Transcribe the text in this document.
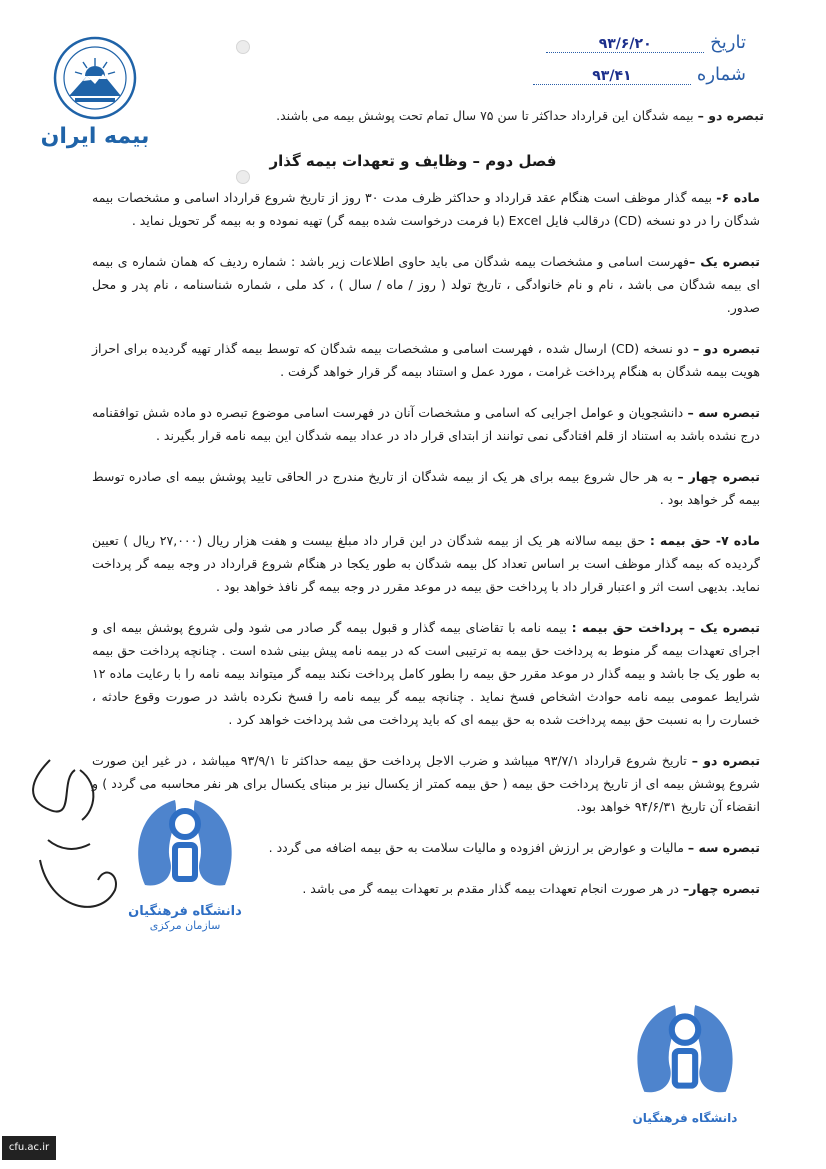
بیمه ایران
تاریخ
۹۳/۶/۲۰
شماره
۹۳/۴۱
تبصره دو – بیمه شدگان این قرارداد حداکثر تا سن ۷۵ سال تمام تحت پوشش بیمه می باشند.
فصل دوم – وظایف و تعهدات بیمه گذار

ماده ۶- بیمه گذار موظف است هنگام عقد قرارداد و حداکثر ظرف مدت ۳۰ روز از تاریخ شروع قرارداد اسامی و مشخصات بیمه شدگان را در دو نسخه (CD) درقالب فایل Excel (با فرمت درخواست شده بیمه گر) تهیه نموده و به بیمه گر تحویل نماید .

تبصره یک –فهرست اسامی و مشخصات بیمه شدگان می باید حاوی اطلاعات زیر باشد : شماره ردیف که همان شماره ی بیمه ای بیمه شدگان می باشد ، نام و نام خانوادگی ، تاریخ تولد ( روز / ماه / سال ) ، کد ملی ، شماره شناسنامه ، نام پدر و محل صدور.

تبصره دو – دو نسخه (CD) ارسال شده ، فهرست اسامی و مشخصات بیمه شدگان که توسط بیمه گذار تهیه گردیده برای احراز هویت بیمه شدگان به هنگام پرداخت غرامت ، مورد عمل و استناد بیمه گر قرار خواهد گرفت .

تبصره سه – دانشجویان و عوامل اجرایی که اسامی و مشخصات آنان در فهرست اسامی موضوع تبصره دو ماده شش توافقنامه درج نشده باشد به استناد از قلم افتادگی نمی توانند از ابتدای قرار داد در عداد بیمه شدگان این بیمه نامه قرار بگیرند .

تبصره چهار – به هر حال شروع بیمه برای هر یک از بیمه شدگان از تاریخ مندرج در الحاقی تایید پوشش بیمه ای صادره توسط بیمه گر خواهد بود .

ماده ۷- حق بیمه : حق بیمه سالانه هر یک از بیمه شدگان در این قرار داد مبلغ بیست و هفت هزار ریال (۲۷,۰۰۰ ریال ) تعیین گردیده که بیمه گذار موظف است بر اساس تعداد کل بیمه شدگان به طور یکجا در هنگام شروع قرارداد در وجه بیمه گر پرداخت نماید. بدیهی است اثر و اعتبار قرار داد با پرداخت حق بیمه در موعد مقرر در وجه بیمه گر نافذ خواهد بود .

تبصره یک – پرداخت حق بیمه : بیمه نامه با تقاضای بیمه گذار و قبول بیمه گر صادر می شود ولی شروع پوشش بیمه ای و اجرای تعهدات بیمه گر منوط به پرداخت حق بیمه به ترتیبی است که در بیمه نامه پیش بینی شده است . چنانچه پرداخت حق بیمه به طور یک جا باشد و بیمه گذار در موعد مقرر حق بیمه را بطور کامل پرداخت نکند بیمه گر میتواند بیمه نامه را با رعایت ماده ۱۲ شرایط عمومی بیمه نامه حوادث اشخاص فسخ نماید . چنانچه بیمه گر بیمه نامه را فسخ نکرده باشد در صورت وقوع حادثه ، خسارت را به نسبت حق بیمه پرداخت شده به حق بیمه ای که باید پرداخت می شد پرداخت خواهد کرد .

تبصره دو – تاریخ شروع قرارداد ۹۳/۷/۱ میباشد و ضرب الاجل پرداخت حق بیمه حداکثر تا ۹۳/۹/۱ میباشد ، در غیر این صورت شروع پوشش بیمه ای از تاریخ پرداخت حق بیمه ( حق بیمه کمتر از یکسال نیز بر مبنای یکسال برای هر نفر محاسبه می گردد ) و انقضاء آن تاریخ ۹۴/۶/۳۱ خواهد بود.

تبصره سه – مالیات و عوارض بر ارزش افزوده و مالیات سلامت به حق بیمه اضافه می گردد .

تبصره چهار– در هر صورت انجام تعهدات بیمه گذار مقدم بر تعهدات بیمه گر می باشد .

دانشگاه فرهنگیان
سازمان مرکزی
دانشگاه فرهنگیان
cfu.ac.ir
